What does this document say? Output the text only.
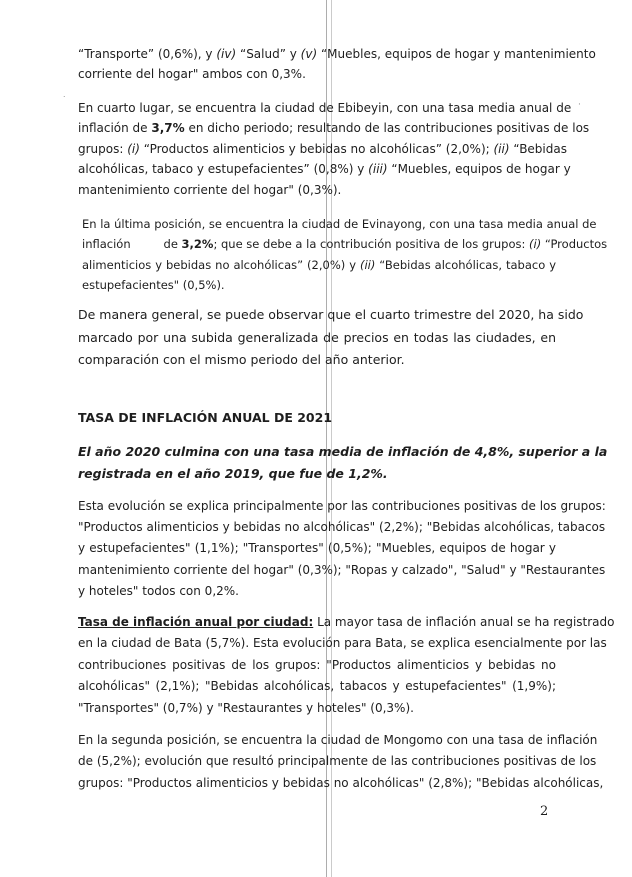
˙	·

“Transporte” (0,6%), y (iv) “Salud” y (v) “Muebles, equipos de hogar y mantenimiento
corriente del hogar" ambos con 0,3%.

En cuarto lugar, se encuentra la ciudad de Ebibeyin, con una tasa media anual de
inflación de 3,7% en dicho periodo; resultando de las contribuciones positivas de los
grupos: (i) “Productos alimenticios y bebidas no alcohólicas” (2,0%); (ii) “Bebidas
alcohólicas, tabaco y estupefacientes” (0,8%) y (iii) “Muebles, equipos de hogar y
mantenimiento corriente del hogar" (0,3%).

En la última posición, se encuentra la ciudad de Evinayong, con una tasa media anual de
inflación         de 3,2%; que se debe a la contribución positiva de los grupos: (i) “Productos
alimenticios y bebidas no alcohólicas” (2,0%) y (ii) “Bebidas alcohólicas, tabaco y
estupefacientes" (0,5%).

De manera general, se puede observar que el cuarto trimestre del 2020, ha sido
marcado por una subida generalizada de precios en todas las ciudades, en
comparación con el mismo periodo del año anterior.

TASA DE INFLACIÓN ANUAL DE 2021

El año 2020 culmina con una tasa media de inflación de 4,8%, superior a la
registrada en el año 2019, que fue de 1,2%.

Esta evolución se explica principalmente por las contribuciones positivas de los grupos:
"Productos alimenticios y bebidas no alcohólicas" (2,2%); "Bebidas alcohólicas, tabacos
y estupefacientes" (1,1%); "Transportes" (0,5%); "Muebles, equipos de hogar y
mantenimiento corriente del hogar" (0,3%); "Ropas y calzado", "Salud" y "Restaurantes
y hoteles" todos con 0,2%.

Tasa de inflación anual por ciudad: La mayor tasa de inflación anual se ha registrado
en la ciudad de Bata (5,7%). Esta evolución para Bata, se explica esencialmente por las
contribuciones positivas de los grupos: "Productos alimenticios y bebidas no
alcohólicas" (2,1%); "Bebidas alcohólicas, tabacos y estupefacientes" (1,9%);
"Transportes" (0,7%) y "Restaurantes y hoteles" (0,3%).

En la segunda posición, se encuentra la ciudad de Mongomo con una tasa de inflación
de (5,2%); evolución que resultó principalmente de las contribuciones positivas de los
grupos: "Productos alimenticios y bebidas no alcohólicas" (2,8%); "Bebidas alcohólicas,

2
